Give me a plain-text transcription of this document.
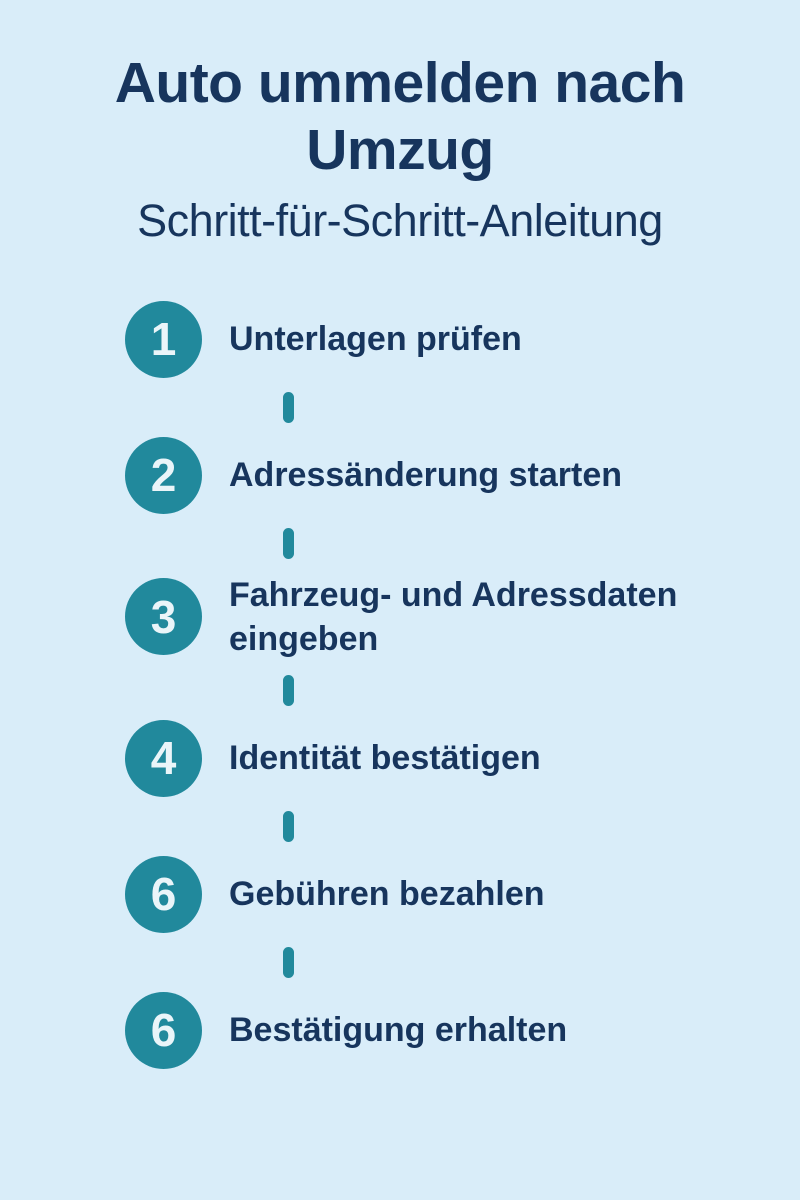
Auto ummelden nach
Umzug
Schritt-für-Schritt-Anleitung
1 Unterlagen prüfen
2 Adressänderung starten
3 Fahrzeug- und Adressdaten eingeben
4 Identität bestätigen
6 Gebühren bezahlen
6 Bestätigung erhalten
